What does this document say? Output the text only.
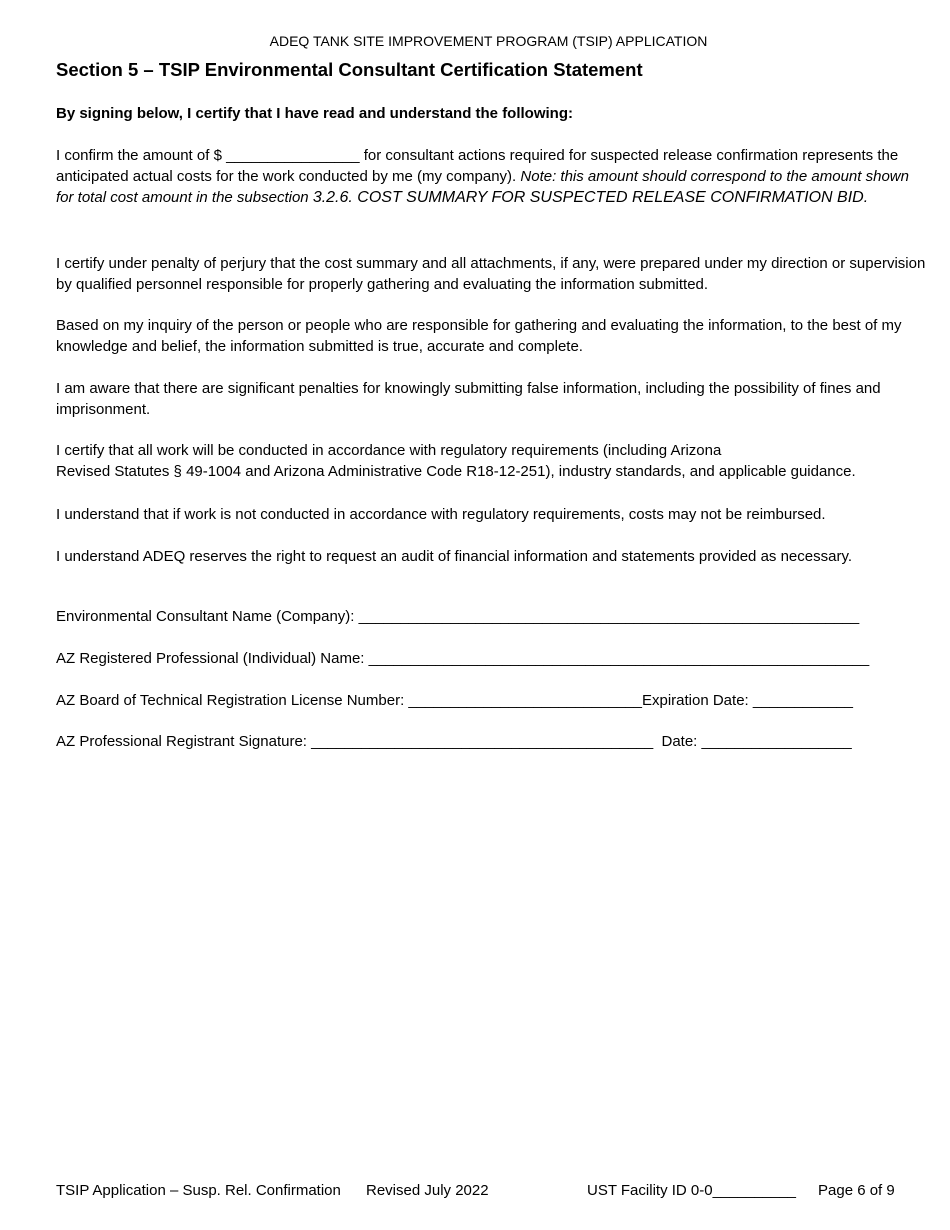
ADEQ TANK SITE IMPROVEMENT PROGRAM (TSIP) APPLICATION
Section 5 – TSIP Environmental Consultant Certification Statement
By signing below, I certify that I have read and understand the following:
I confirm the amount of $ ________________ for consultant actions required for suspected release confirmation represents the anticipated actual costs for the work conducted by me (my company). Note: this amount should correspond to the amount shown for total cost amount in the subsection 3.2.6. COST SUMMARY FOR SUSPECTED RELEASE CONFIRMATION BID.
I certify under penalty of perjury that the cost summary and all attachments, if any, were prepared under my direction or supervision by qualified personnel responsible for properly gathering and evaluating the information submitted.
Based on my inquiry of the person or people who are responsible for gathering and evaluating the information, to the best of my knowledge and belief, the information submitted is true, accurate and complete.
I am aware that there are significant penalties for knowingly submitting false information, including the possibility of fines and imprisonment.
I certify that all work will be conducted in accordance with regulatory requirements (including Arizona
Revised Statutes § 49-1004 and Arizona Administrative Code R18-12-251), industry standards, and applicable guidance.
I understand that if work is not conducted in accordance with regulatory requirements, costs may not be reimbursed.
I understand ADEQ reserves the right to request an audit of financial information and statements provided as necessary.
Environmental Consultant Name (Company): ____________________________________________________________
AZ Registered Professional (Individual) Name: ____________________________________________________________
AZ Board of Technical Registration License Number: ____________________________Expiration Date: ____________
AZ Professional Registrant Signature: _________________________________________  Date: __________________
TSIP Application – Susp. Rel. Confirmation Revised July 2022	UST Facility ID 0-0__________ Page 6 of 9
